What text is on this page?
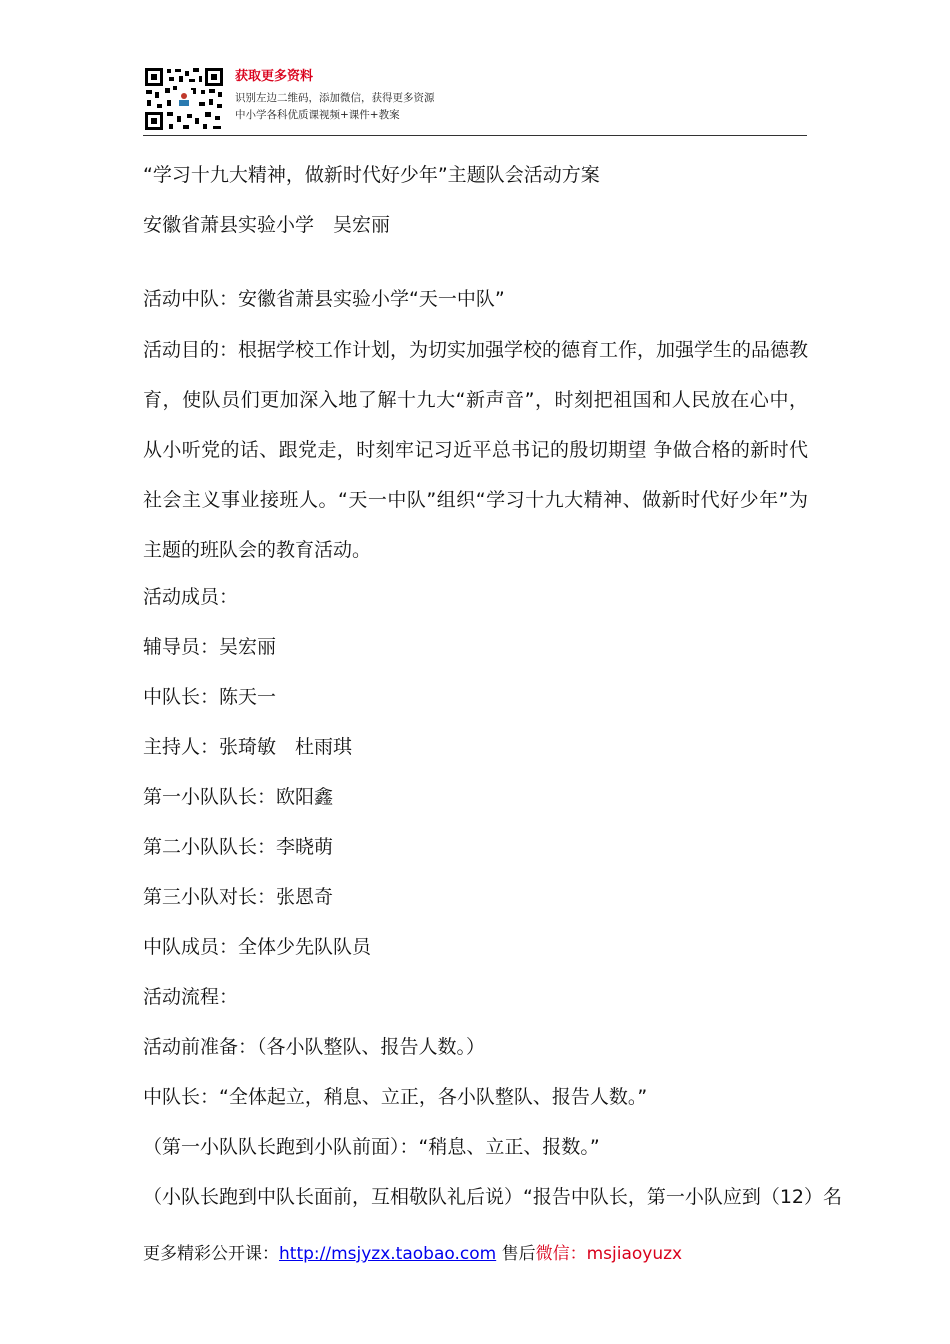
获取更多资料
识别左边二维码，添加微信，获得更多资源
中小学各科优质课视频+课件+教案
“学习十九大精神，做新时代好少年”主题队会活动方案
安徽省萧县实验小学　吴宏丽
活动中队：安徽省萧县实验小学“天一中队”
活动目的：根据学校工作计划，为切实加强学校的德育工作，加强学生的品德教育，使队员们更加深入地了解十九大“新声音”，时刻把祖国和人民放在心中，从小听党的话、跟党走，时刻牢记习近平总书记的殷切期望 争做合格的新时代社会主义事业接班人。“天一中队”组织“学习十九大精神、做新时代好少年”为主题的班队会的教育活动。
活动成员：
辅导员：吴宏丽
中队长：陈天一
主持人：张琦敏　杜雨琪
第一小队队长：欧阳鑫
第二小队队长：李晓萌
第三小队对长：张恩奇
中队成员：全体少先队队员
活动流程：
活动前准备：（各小队整队、报告人数。）
中队长：“全体起立，稍息、立正，各小队整队、报告人数。”
（第一小队队长跑到小队前面）：“稍息、立正、报数。”
（小队长跑到中队长面前，互相敬队礼后说）“报告中队长，第一小队应到（12）名
更多精彩公开课：http://msjyzx.taobao.com 售后微信：msjiaoyuzx
